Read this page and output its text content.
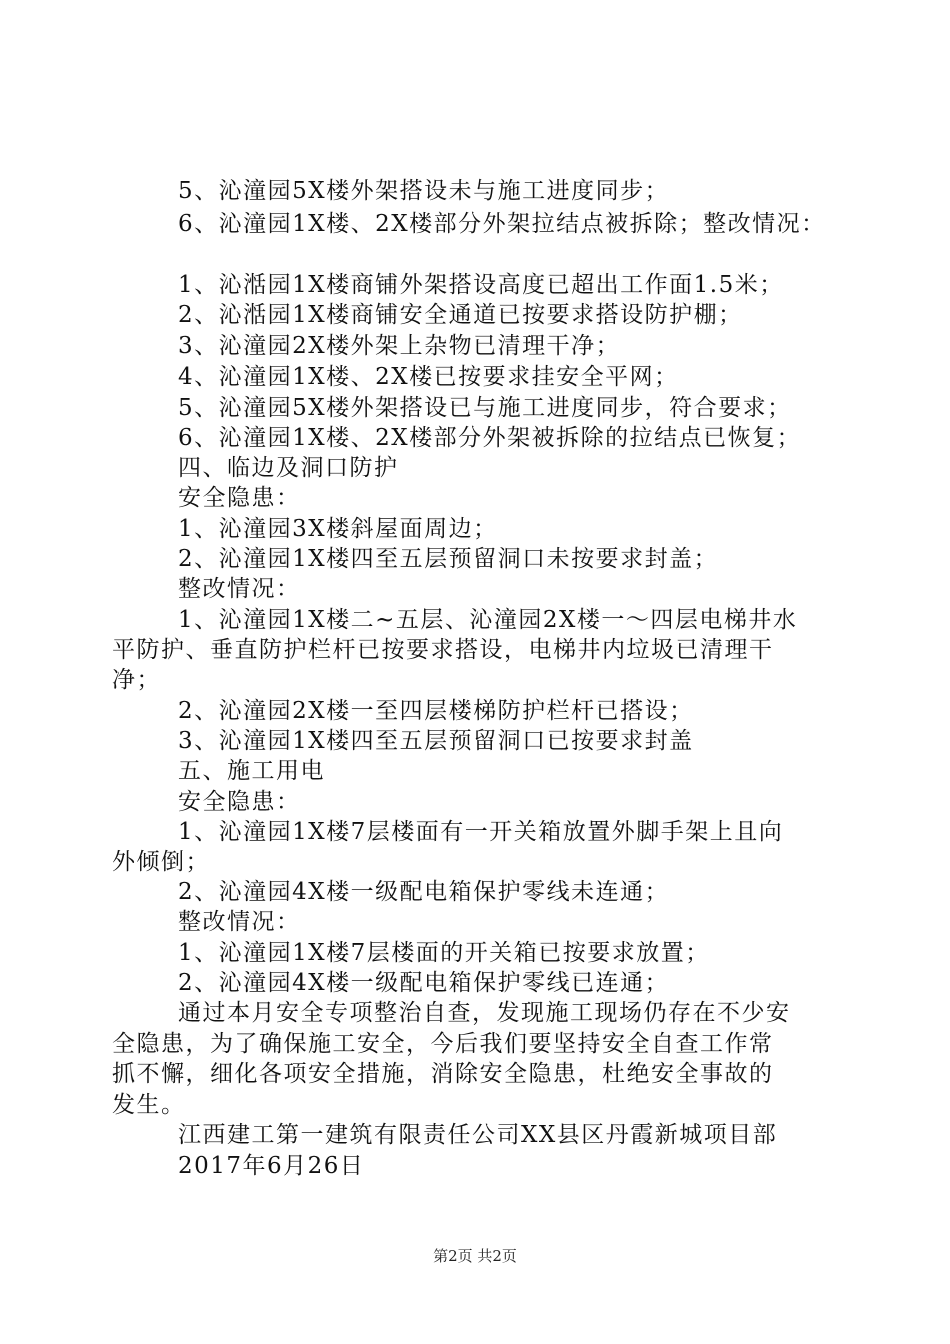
5、沁潼园5X楼外架搭设未与施工进度同步；
6、沁潼园1X楼、2X楼部分外架拉结点被拆除；整改情况：
1、沁湉园1X楼商铺外架搭设高度已超出工作面1.5米；
2、沁湉园1X楼商铺安全通道已按要求搭设防护棚；
3、沁潼园2X楼外架上杂物已清理干净；
4、沁潼园1X楼、2X楼已按要求挂安全平网；
5、沁潼园5X楼外架搭设已与施工进度同步，符合要求；
6、沁潼园1X楼、2X楼部分外架被拆除的拉结点已恢复；
四、临边及洞口防护
安全隐患：
1、沁潼园3X楼斜屋面周边；
2、沁潼园1X楼四至五层预留洞口未按要求封盖；
整改情况：
1、沁潼园1X楼二~五层、沁潼园2X楼一～四层电梯井水
平防护、垂直防护栏杆已按要求搭设，电梯井内垃圾已清理干
净；
2、沁潼园2X楼一至四层楼梯防护栏杆已搭设；
3、沁潼园1X楼四至五层预留洞口已按要求封盖
五、施工用电
安全隐患：
1、沁潼园1X楼7层楼面有一开关箱放置外脚手架上且向
外倾倒；
2、沁潼园4X楼一级配电箱保护零线未连通；
整改情况：
1、沁潼园1X楼7层楼面的开关箱已按要求放置；
2、沁潼园4X楼一级配电箱保护零线已连通；
通过本月安全专项整治自查，发现施工现场仍存在不少安
全隐患，为了确保施工安全，今后我们要坚持安全自查工作常
抓不懈，细化各项安全措施，消除安全隐患，杜绝安全事故的
发生。
江西建工第一建筑有限责任公司XX县区丹霞新城项目部
2017年6月26日
第2页 共2页
